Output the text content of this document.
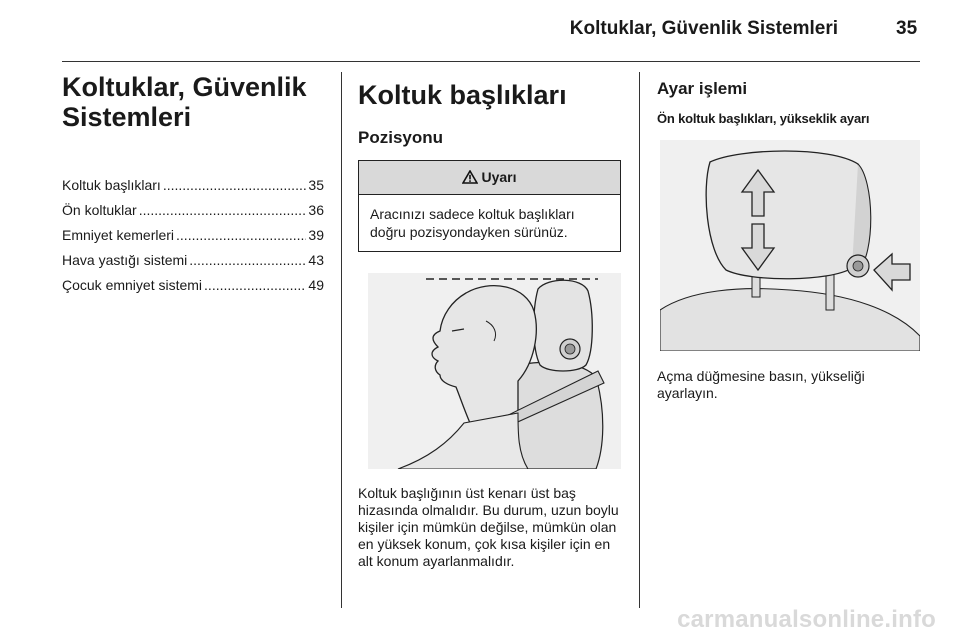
Koltuklar, Güvenlik Sistemleri	35
Koltuklar, Güvenlik
Sistemleri
Koltuk başlıkları .....	35
Ön koltuklar .....	36
Emniyet kemerleri .....	39
Hava yastığı sistemi .....	43
Çocuk emniyet sistemi .....	49
Koltuk başlıkları
Pozisyonu
Uyarı
Aracınızı sadece koltuk başlıkları doğru pozisyondayken sürünüz.
Koltuk başlığının üst kenarı üst baş hizasında olmalıdır. Bu durum, uzun boylu kişiler için mümkün değilse, mümkün olan en yüksek konum, çok kısa kişiler için en alt konum ayarlanmalıdır.
Ayar işlemi
Ön koltuk başlıkları, yükseklik ayarı
Açma düğmesine basın, yükseliği ayarlayın.
carmanualsonline.info
